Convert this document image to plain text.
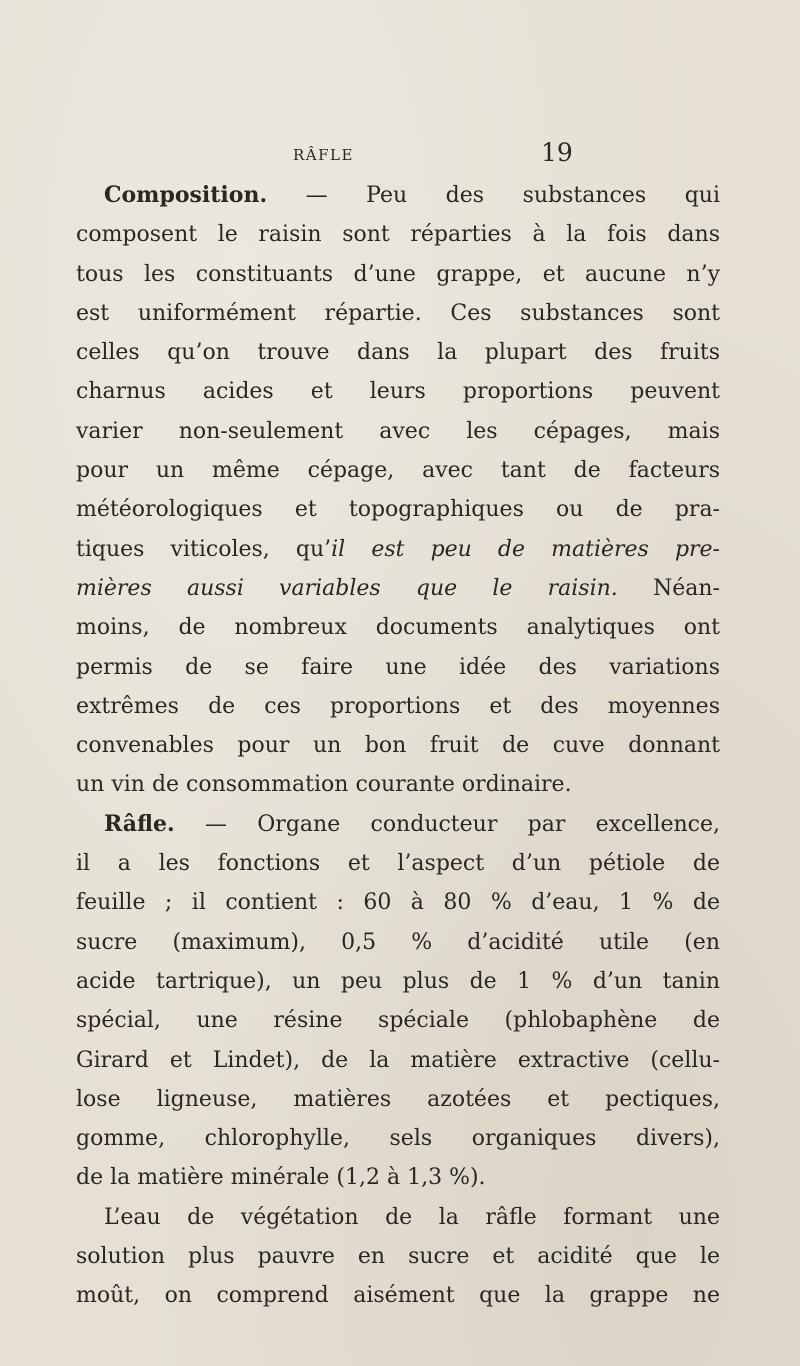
RÂFLE	19
Composition. — Peu des substances qui
composent le raisin sont réparties à la fois dans
tous les constituants d’une grappe, et aucune n’y
est uniformément répartie. Ces substances sont
celles qu’on trouve dans la plupart des fruits
charnus acides et leurs proportions peuvent
varier non-seulement avec les cépages, mais
pour un même cépage, avec tant de facteurs
météorologiques et topographiques ou de pra-
tiques viticoles, qu’il est peu de matières pre-
mières aussi variables que le raisin. Néan-
moins, de nombreux documents analytiques ont
permis de se faire une idée des variations
extrêmes de ces proportions et des moyennes
convenables pour un bon fruit de cuve donnant
un vin de consommation courante ordinaire.
Râfle. — Organe conducteur par excellence,
il a les fonctions et l’aspect d’un pétiole de
feuille ; il contient : 60 à 80 % d’eau, 1 % de
sucre (maximum), 0,5 % d’acidité utile (en
acide tartrique), un peu plus de 1 % d’un tanin
spécial, une résine spéciale (phlobaphène de
Girard et Lindet), de la matière extractive (cellu-
lose ligneuse, matières azotées et pectiques,
gomme, chlorophylle, sels organiques divers),
de la matière minérale (1,2 à 1,3 %).
L’eau de végétation de la râfle formant une
solution plus pauvre en sucre et acidité que le
moût, on comprend aisément que la grappe ne
